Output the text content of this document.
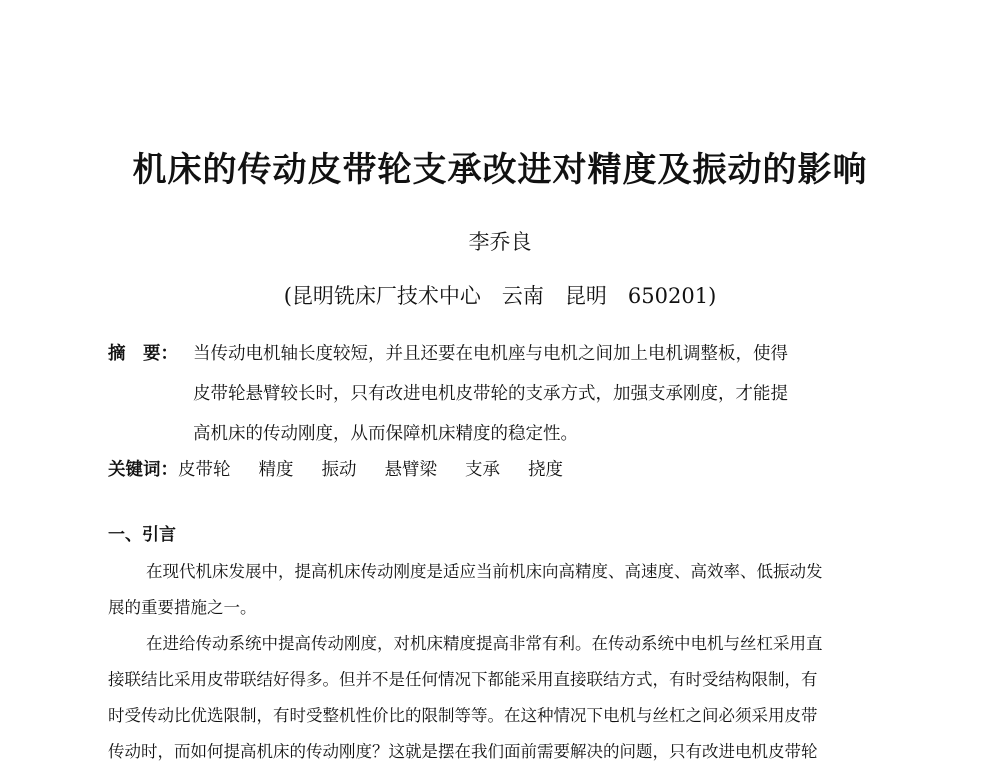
机床的传动皮带轮支承改进对精度及振动的影响
李乔良
(昆明铣床厂技术中心　云南　昆明　650201)
摘　要： 当传动电机轴长度较短，并且还要在电机座与电机之间加上电机调整板，使得
皮带轮悬臂较长时，只有改进电机皮带轮的支承方式，加强支承刚度，才能提
高机床的传动刚度，从而保障机床精度的稳定性。
关键词：皮带轮 精度 振动 悬臂梁 支承 挠度
一、引言
在现代机床发展中，提高机床传动刚度是适应当前机床向高精度、高速度、高效率、低振动发
展的重要措施之一。
在进给传动系统中提高传动刚度，对机床精度提高非常有利。在传动系统中电机与丝杠采用直
接联结比采用皮带联结好得多。但并不是任何情况下都能采用直接联结方式，有时受结构限制，有
时受传动比优选限制，有时受整机性价比的限制等等。在这种情况下电机与丝杠之间必须采用皮带
传动时，而如何提高机床的传动刚度？这就是摆在我们面前需要解决的问题，只有改进电机皮带轮
